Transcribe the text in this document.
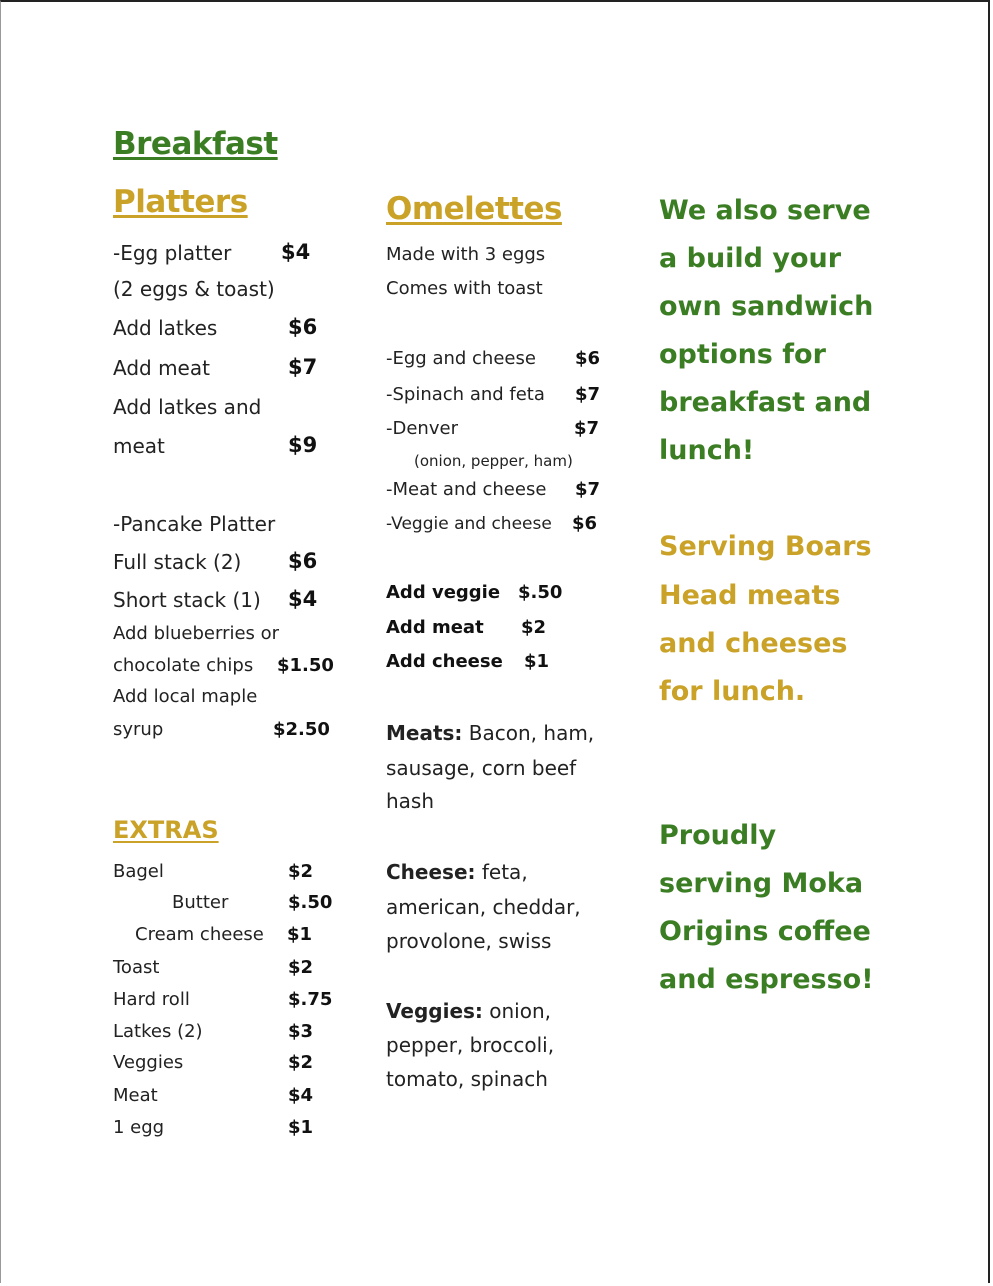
Breakfast
Platters
-Egg platter $4
(2 eggs & toast)
Add latkes	$6
Add meat	$7
Add latkes and
meat	$9
-Pancake Platter
Full stack (2) $6
Short stack (1) $4
Add blueberries or
chocolate chips $1.50
Add local maple
syrup	$2.50
EXTRAS
Bagel	$2
Butter	$.50
Cream cheese $1
Toast	$2
Hard roll	$.75
Latkes (2)	$3
Veggies	$2
Meat	$4
1 egg	$1
Omelettes
Made with 3 eggs
Comes with toast
-Egg and cheese $6
-Spinach and feta $7
-Denver	$7
(onion, pepper, ham)
-Meat and cheese $7
-Veggie and cheese $6
Add veggie $.50
Add meat $2
Add cheese $1
Meats: Bacon, ham,
sausage, corn beef
hash
Cheese: feta,
american, cheddar,
provolone, swiss
Veggies: onion,
pepper, broccoli,
tomato, spinach
We also serve
a build your
own sandwich
options for
breakfast and
lunch!
Serving Boars
Head meats
and cheeses
for lunch.
Proudly
serving Moka
Origins coffee
and espresso!
